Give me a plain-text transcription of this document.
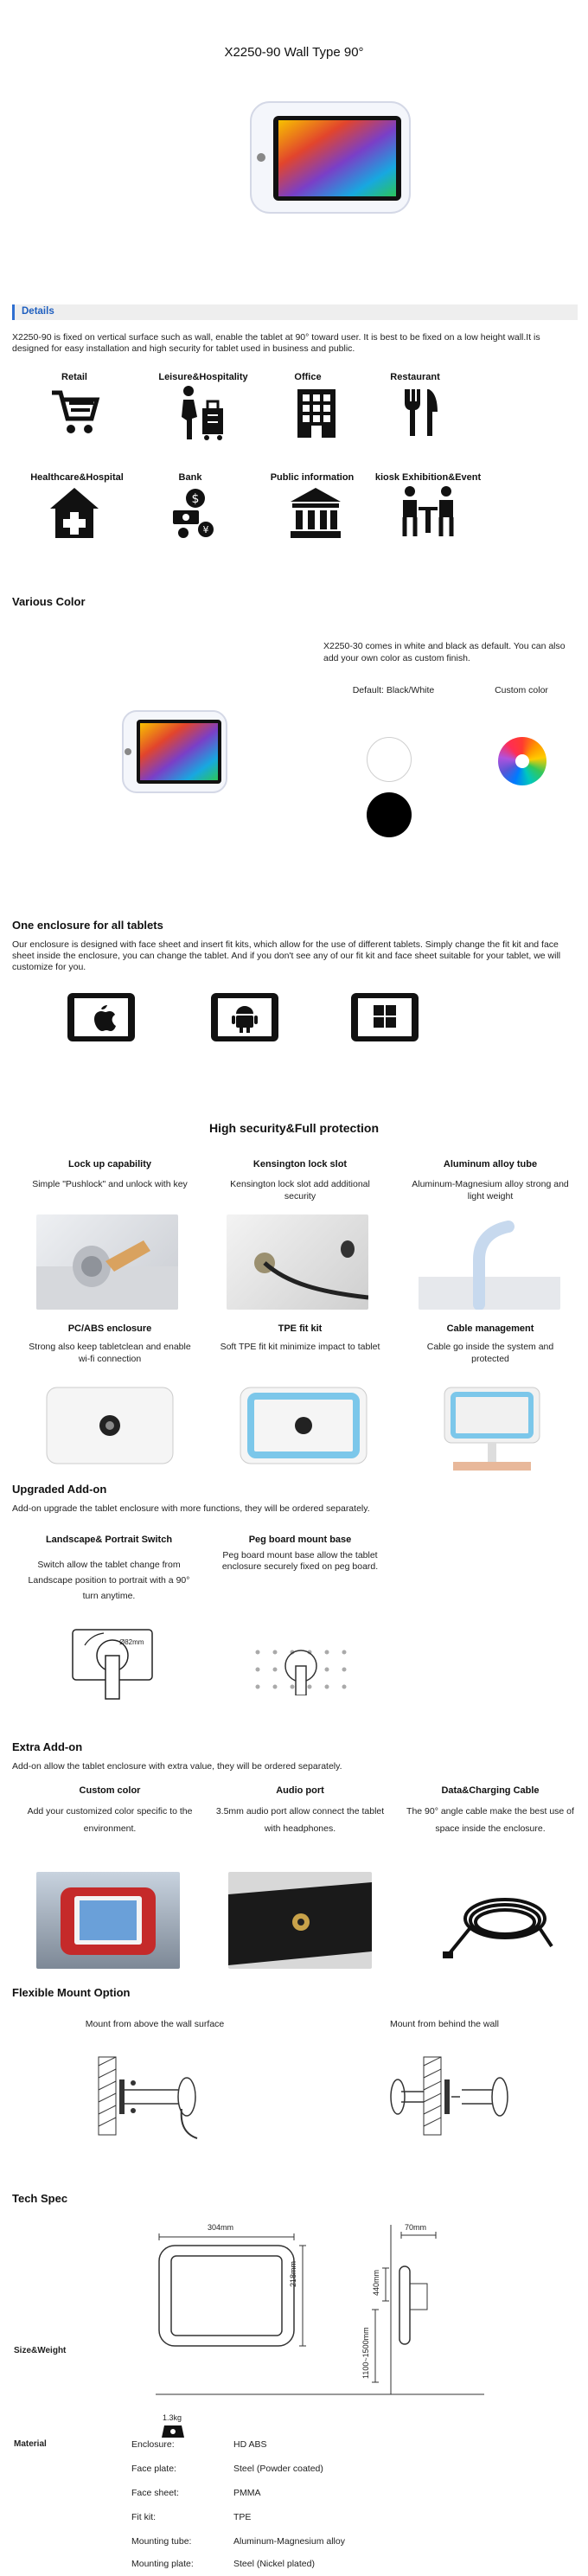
X2250-90 Wall Type 90°
Details

X2250-90 is fixed on vertical surface such as wall, enable the tablet at 90° toward user. It is best to be fixed on a low height wall.It is designed for easy installation and high security for tablet used in business and public.

Retail	Leisure&Hospitality	Office	Restaurant
Healthcare&Hospital	Bank	Public information	kiosk Exhibition&Event
$
¥
Various Color

X2250-30 comes in white and black as default. You can also add your own color as custom finish.

Default: Black/White	Custom color
One enclosure for all tablets

Our enclosure is designed with face sheet and insert fit kits, which allow for the use of different tablets. Simply change the fit kit and face sheet inside the enclosure, you can change the tablet. And if you don't see any of our fit kit and face sheet suitable for your tablet, we will customize for you.

High security&Full protection
Lock up capability
Simple "Pushlock" and unlock with key
Kensington lock slot
Kensington lock slot add additional security
Aluminum alloy tube
Aluminum-Magnesium alloy strong and light weight
PC/ABS enclosure
Strong also keep tabletclean and enable wi-fi connection
TPE fit kit
Soft TPE fit kit minimize impact to tablet
Cable management
Cable go inside the system and protected
Upgraded Add-on

Add-on upgrade the tablet enclosure with more functions, they will be ordered separately.

Landscape& Portrait Switch
Switch allow the tablet change from Landscape position to portrait with a 90° turn anytime.
Peg board mount base
Peg board mount base allow the tablet enclosure securely fixed on peg board.
Ø82mm
Extra Add-on

Add-on allow the tablet enclosure with extra value, they will be ordered separately.

Custom color
Add your customized color specific to the environment.
Audio port
3.5mm audio port allow connect the tablet with headphones.
Data&Charging Cable
The 90° angle cable make the best use of space inside the enclosure.
Flexible Mount Option
Mount from above the wall surface	Mount from behind the wall
Tech Spec
304mm
218mm
70mm
440mm
1100~1500mm
Size&Weight
1.3kg
Material	Enclosure:	HD ABS
Face plate:	Steel (Powder coated)
Face sheet:	PMMA
Fit kit:	TPE
Mounting tube:	Aluminum-Magnesium alloy
Mounting plate:	Steel (Nickel plated)
